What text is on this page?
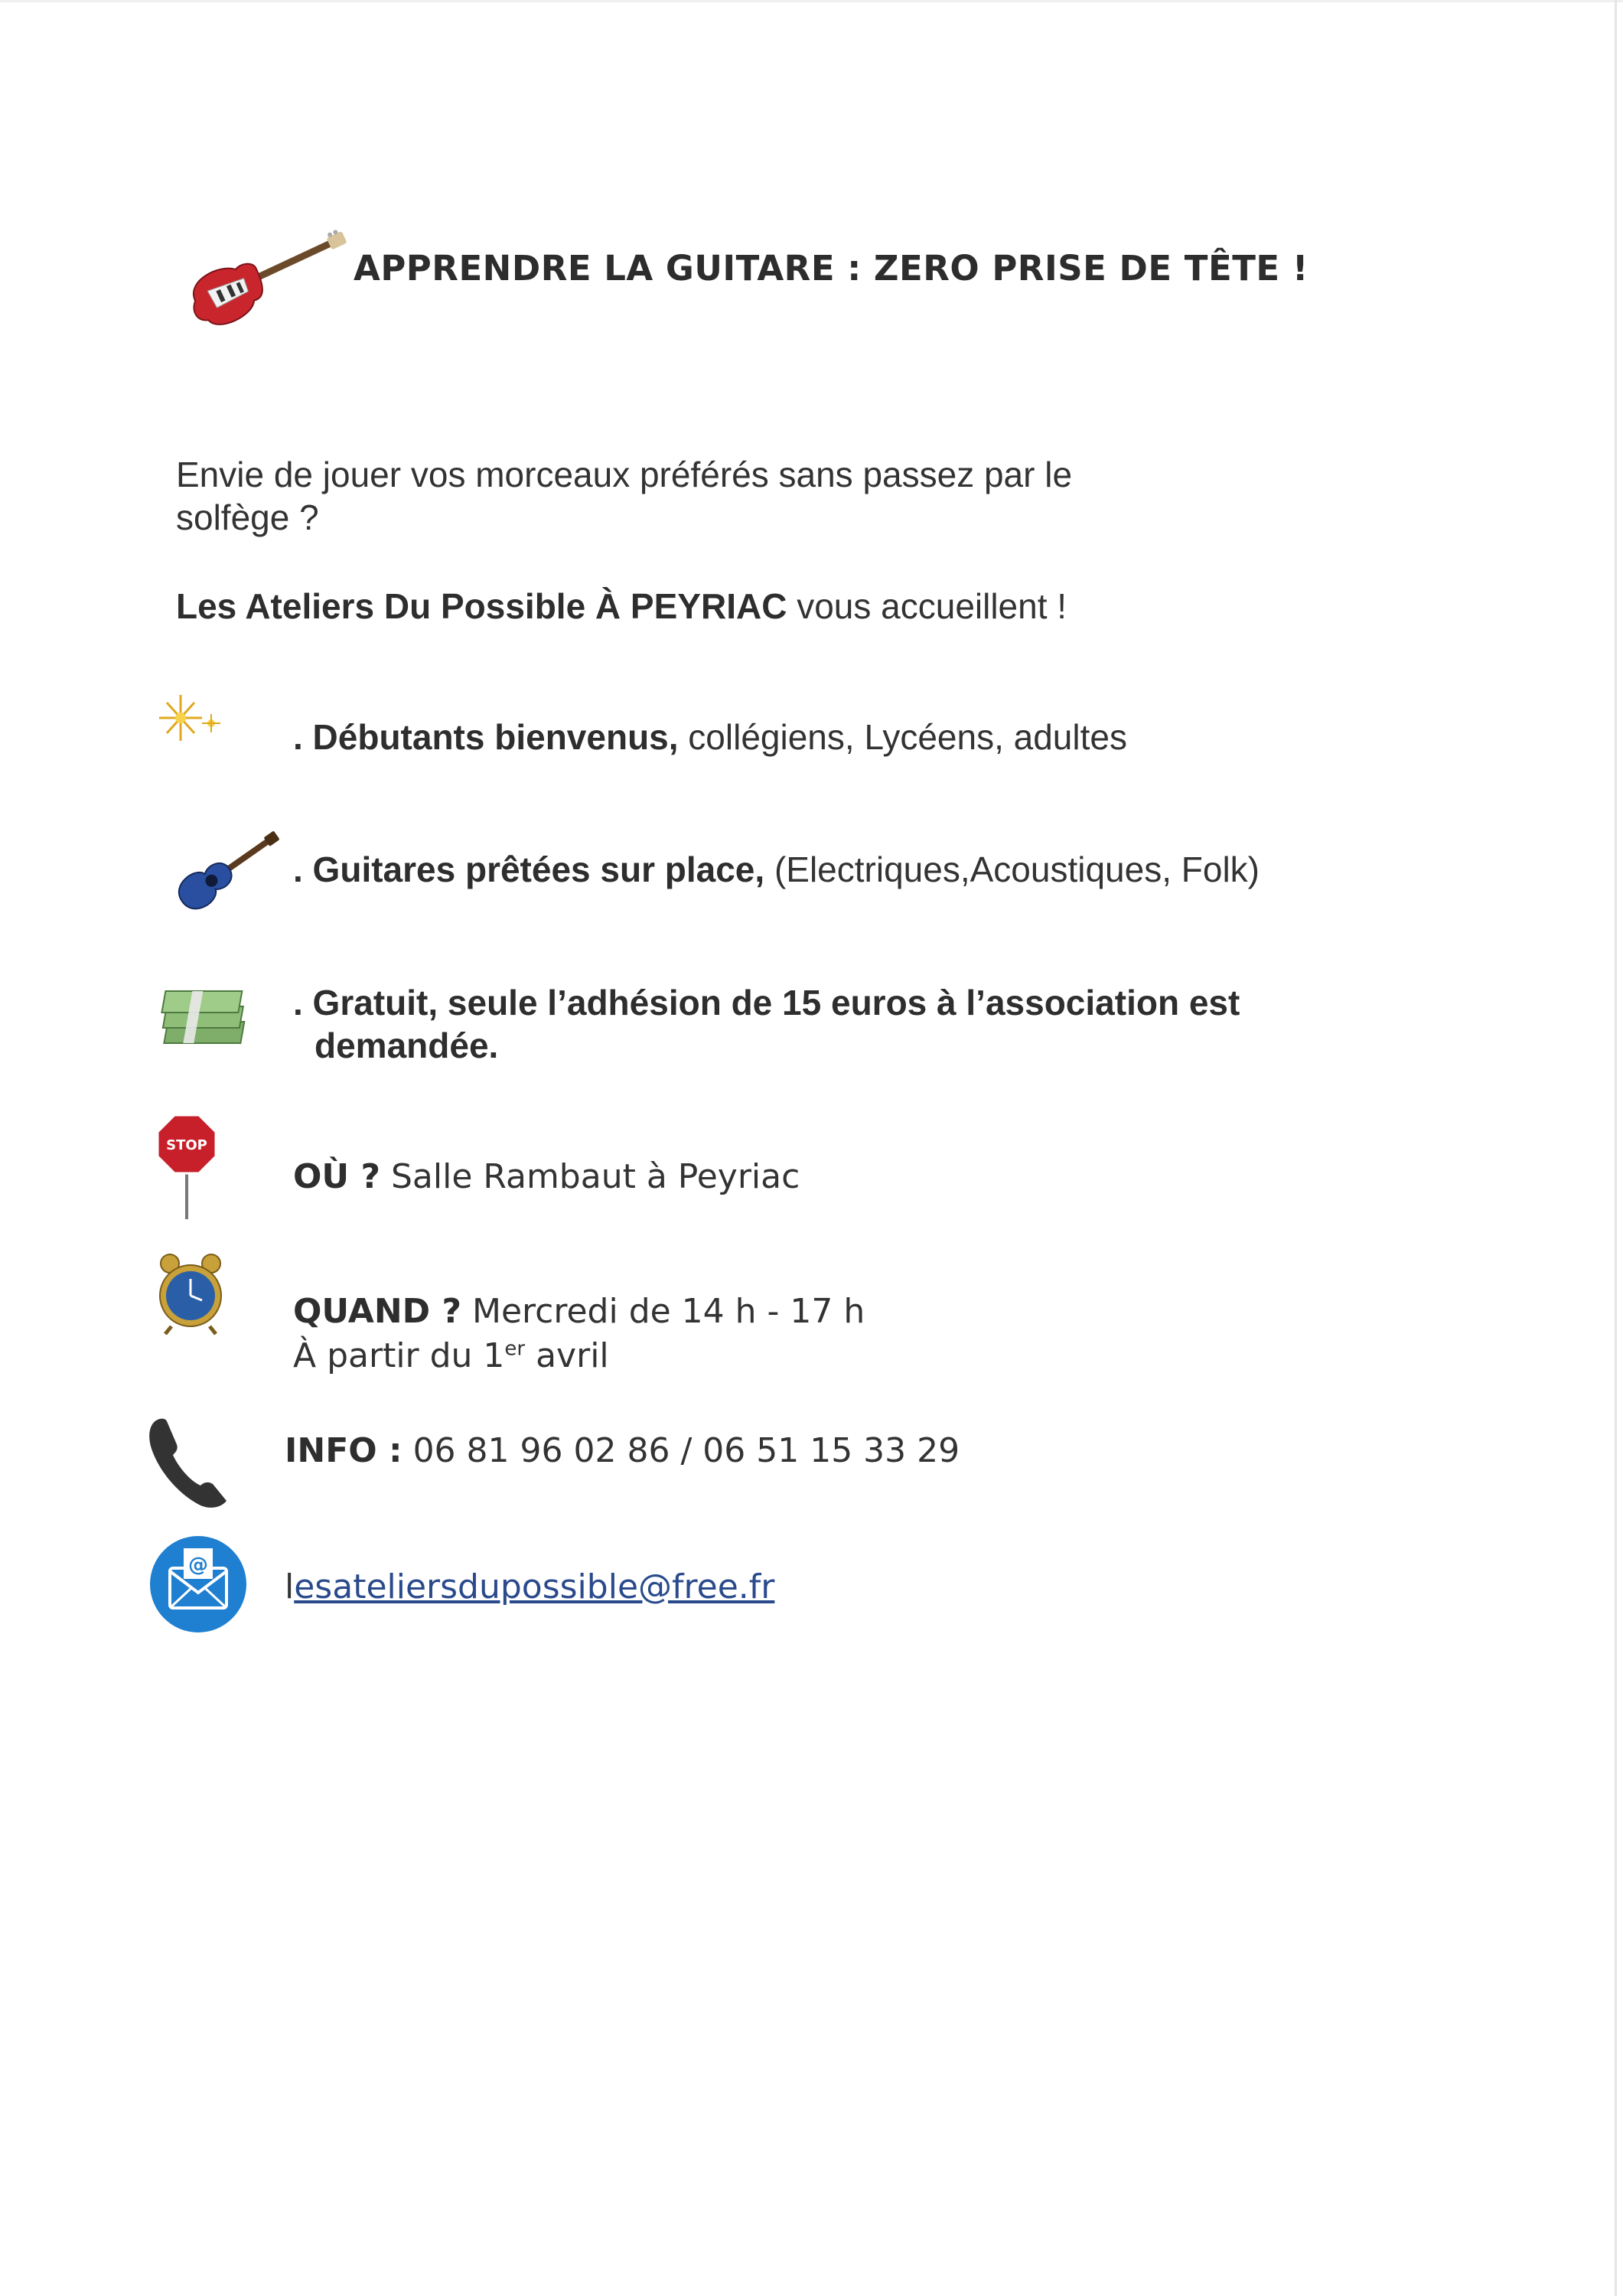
APPRENDRE LA GUITARE : ZERO PRISE DE TÊTE !
Envie de jouer vos morceaux préférés sans passez par le
solfège ?
Les Ateliers Du Possible À PEYRIAC vous accueillent !
. Débutants bienvenus, collégiens, Lycéens, adultes
. Guitares prêtées sur place, (Electriques,Acoustiques, Folk)
. Gratuit, seule l’adhésion de 15 euros à l’association est
demandée.
STOP
OÙ ? Salle Rambaut à Peyriac
QUAND ? Mercredi de 14 h - 17 h
À partir du 1er avril
INFO : 06 81 96 02 86 / 06 51 15 33 29
@
lesateliersdupossible@free.fr
